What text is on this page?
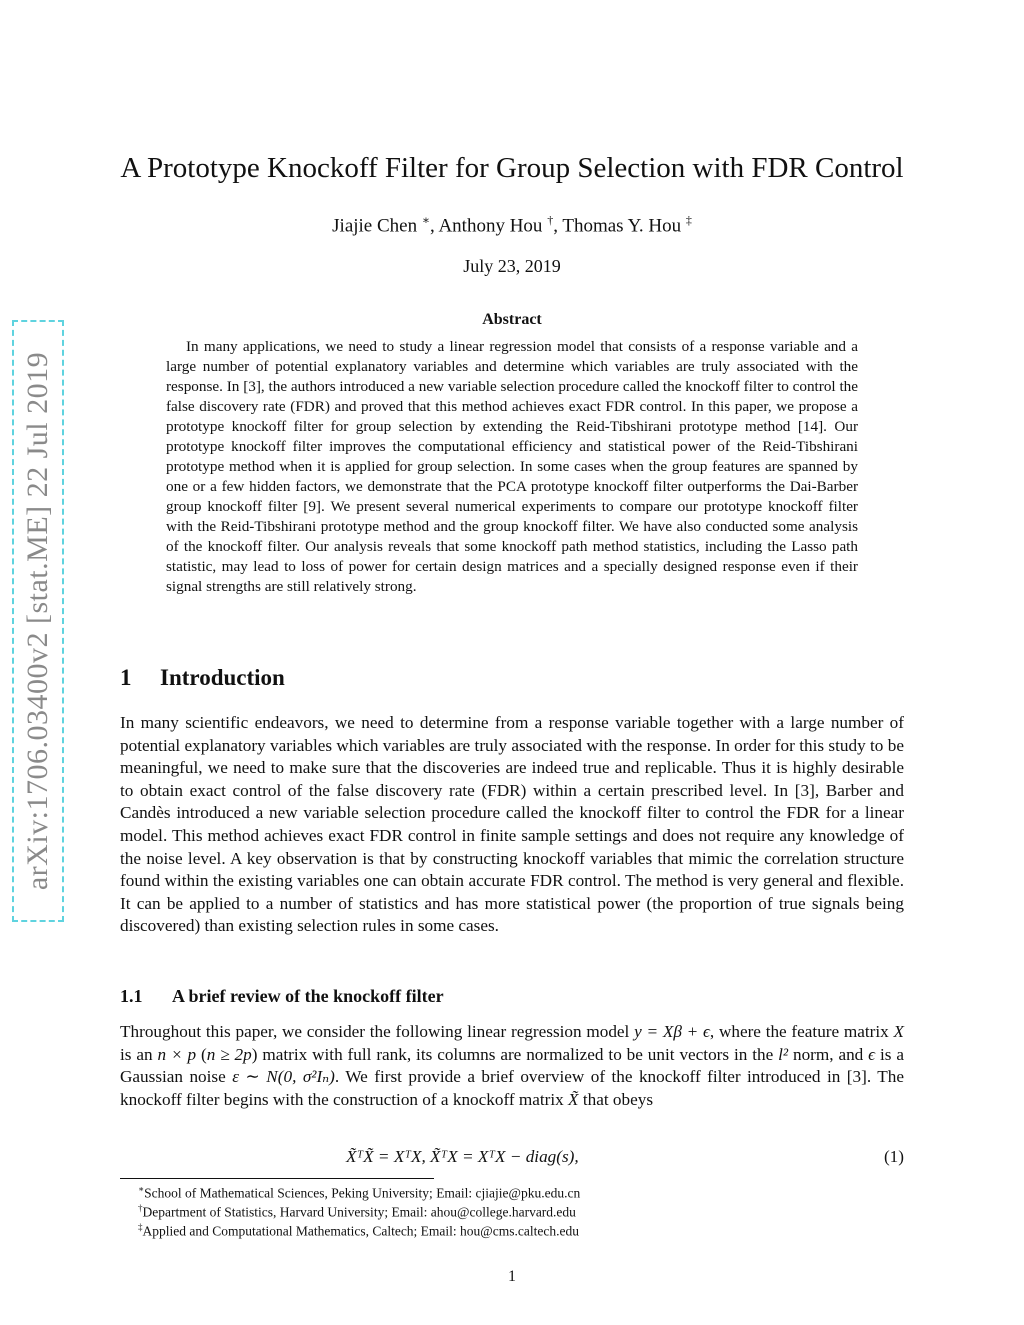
arXiv:1706.03400v2 [stat.ME] 22 Jul 2019
A Prototype Knockoff Filter for Group Selection with FDR Control
Jiajie Chen ∗, Anthony Hou †, Thomas Y. Hou ‡
July 23, 2019
Abstract

In many applications, we need to study a linear regression model that consists of a response variable and a large number of potential explanatory variables and determine which variables are truly associated with the response. In [3], the authors introduced a new variable selection procedure called the knockoff filter to control the false discovery rate (FDR) and proved that this method achieves exact FDR control. In this paper, we propose a prototype knockoff filter for group selection by extending the Reid-Tibshirani prototype method [14]. Our prototype knockoff filter improves the computational efficiency and statistical power of the Reid-Tibshirani prototype method when it is applied for group selection. In some cases when the group features are spanned by one or a few hidden factors, we demonstrate that the PCA prototype knockoff filter outperforms the Dai-Barber group knockoff filter [9]. We present several numerical experiments to compare our prototype knockoff filter with the Reid-Tibshirani prototype method and the group knockoff filter. We have also conducted some analysis of the knockoff filter. Our analysis reveals that some knockoff path method statistics, including the Lasso path statistic, may lead to loss of power for certain design matrices and a specially designed response even if their signal strengths are still relatively strong.

1 Introduction

In many scientific endeavors, we need to determine from a response variable together with a large number of potential explanatory variables which variables are truly associated with the response. In order for this study to be meaningful, we need to make sure that the discoveries are indeed true and replicable. Thus it is highly desirable to obtain exact control of the false discovery rate (FDR) within a certain prescribed level. In [3], Barber and Candès introduced a new variable selection procedure called the knockoff filter to control the FDR for a linear model. This method achieves exact FDR control in finite sample settings and does not require any knowledge of the noise level. A key observation is that by constructing knockoff variables that mimic the correlation structure found within the existing variables one can obtain accurate FDR control. The method is very general and flexible. It can be applied to a number of statistics and has more statistical power (the proportion of true signals being discovered) than existing selection rules in some cases.

1.1 A brief review of the knockoff filter

Throughout this paper, we consider the following linear regression model y = Xβ + ϵ, where the feature matrix X is an n × p (n ≥ 2p) matrix with full rank, its columns are normalized to be unit vectors in the l² norm, and ϵ is a Gaussian noise ε ∼ N(0, σ²Iₙ). We first provide a brief overview of the knockoff filter introduced in [3]. The knockoff filter begins with the construction of a knockoff matrix X̃ that obeys

X̃ᵀX̃ = XᵀX, X̃ᵀX = XᵀX − diag(s),	(1)
∗School of Mathematical Sciences, Peking University; Email: cjiajie@pku.edu.cn
†Department of Statistics, Harvard University; Email: ahou@college.harvard.edu
‡Applied and Computational Mathematics, Caltech; Email: hou@cms.caltech.edu
1
